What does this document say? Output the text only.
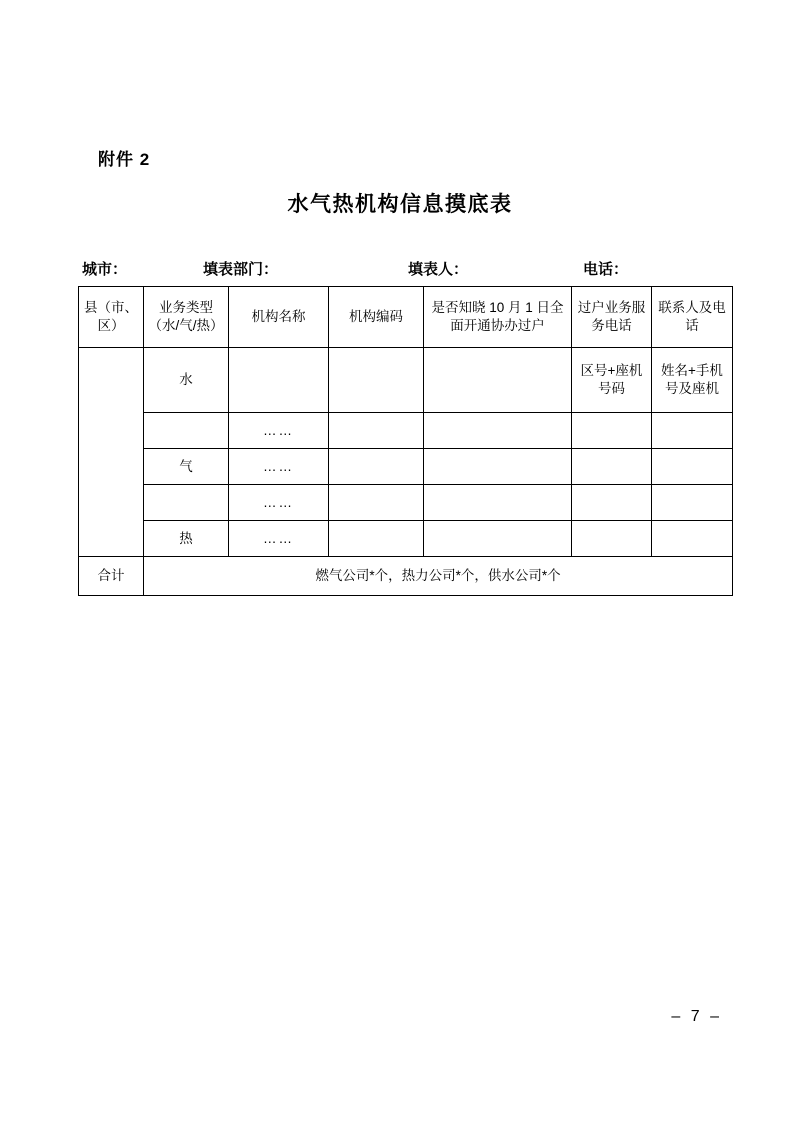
附件 2
水气热机构信息摸底表
城市：	填表部门：	填表人：	电话：
县（市、区）	业务类型（水/气/热）	机构名称	机构编码	是否知晓 10 月 1 日全面开通协办过户	过户业务服务电话	联系人及电话
	水				区号+座机号码	姓名+手机号及座机
		……				
	气	……				
		……				
	热	……				
合计	燃气公司*个，热力公司*个，供水公司*个					
– 7 –
